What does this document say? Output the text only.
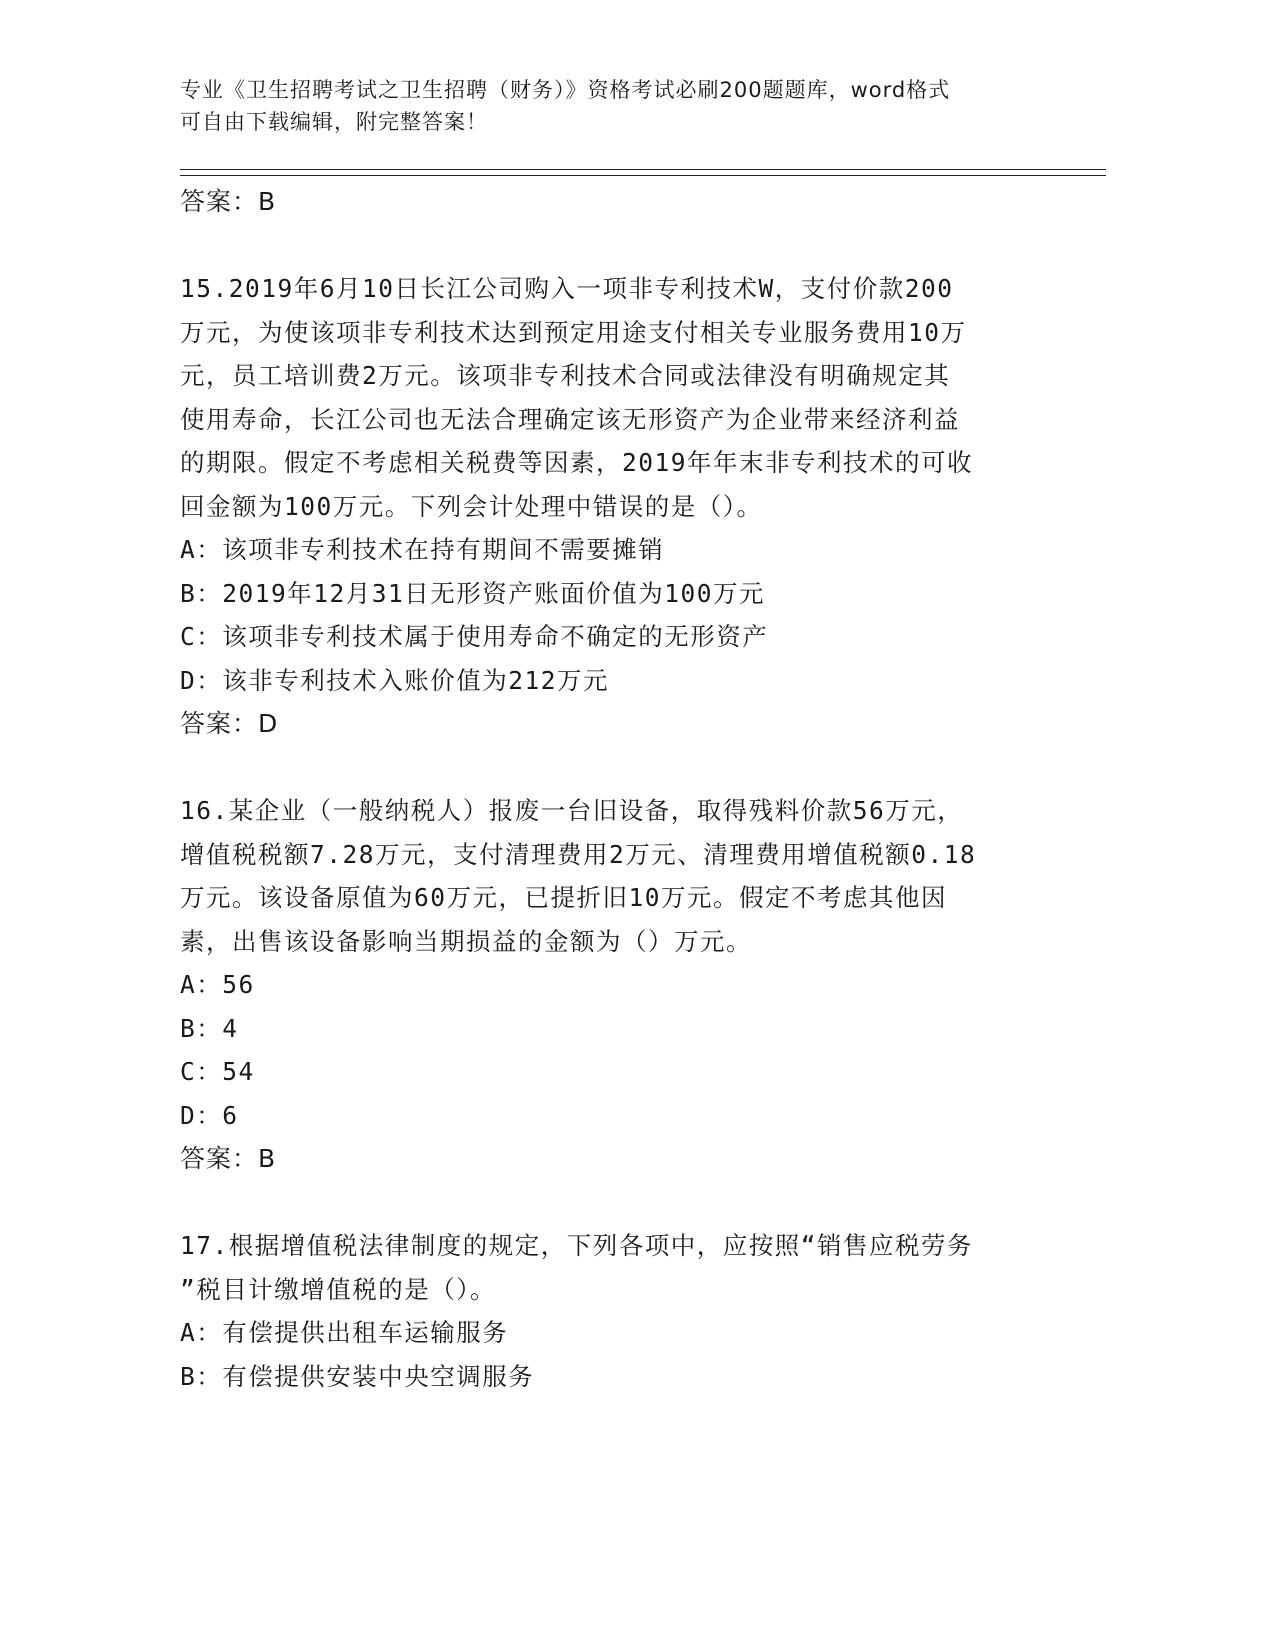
专业《卫生招聘考试之卫生招聘（财务）》资格考试必刷200题题库，word格式
可自由下载编辑，附完整答案！
答案：B
15.2019年6月10日长江公司购入一项非专利技术W，支付价款200
万元，为使该项非专利技术达到预定用途支付相关专业服务费用10万
元，员工培训费2万元。该项非专利技术合同或法律没有明确规定其
使用寿命，长江公司也无法合理确定该无形资产为企业带来经济利益
的期限。假定不考虑相关税费等因素，2019年年末非专利技术的可收
回金额为100万元。下列会计处理中错误的是（）。
A：该项非专利技术在持有期间不需要摊销
B：2019年12月31日无形资产账面价值为100万元
C：该项非专利技术属于使用寿命不确定的无形资产
D：该非专利技术入账价值为212万元
答案：D
16.某企业（一般纳税人）报废一台旧设备，取得残料价款56万元，
增值税税额7.28万元，支付清理费用2万元、清理费用增值税额0.18
万元。该设备原值为60万元，已提折旧10万元。假定不考虑其他因
素，出售该设备影响当期损益的金额为（）万元。
A：56
B：4
C：54
D：6
答案：B
17.根据增值税法律制度的规定，下列各项中，应按照“销售应税劳务
”税目计缴增值税的是（）。
A：有偿提供出租车运输服务
B：有偿提供安装中央空调服务
